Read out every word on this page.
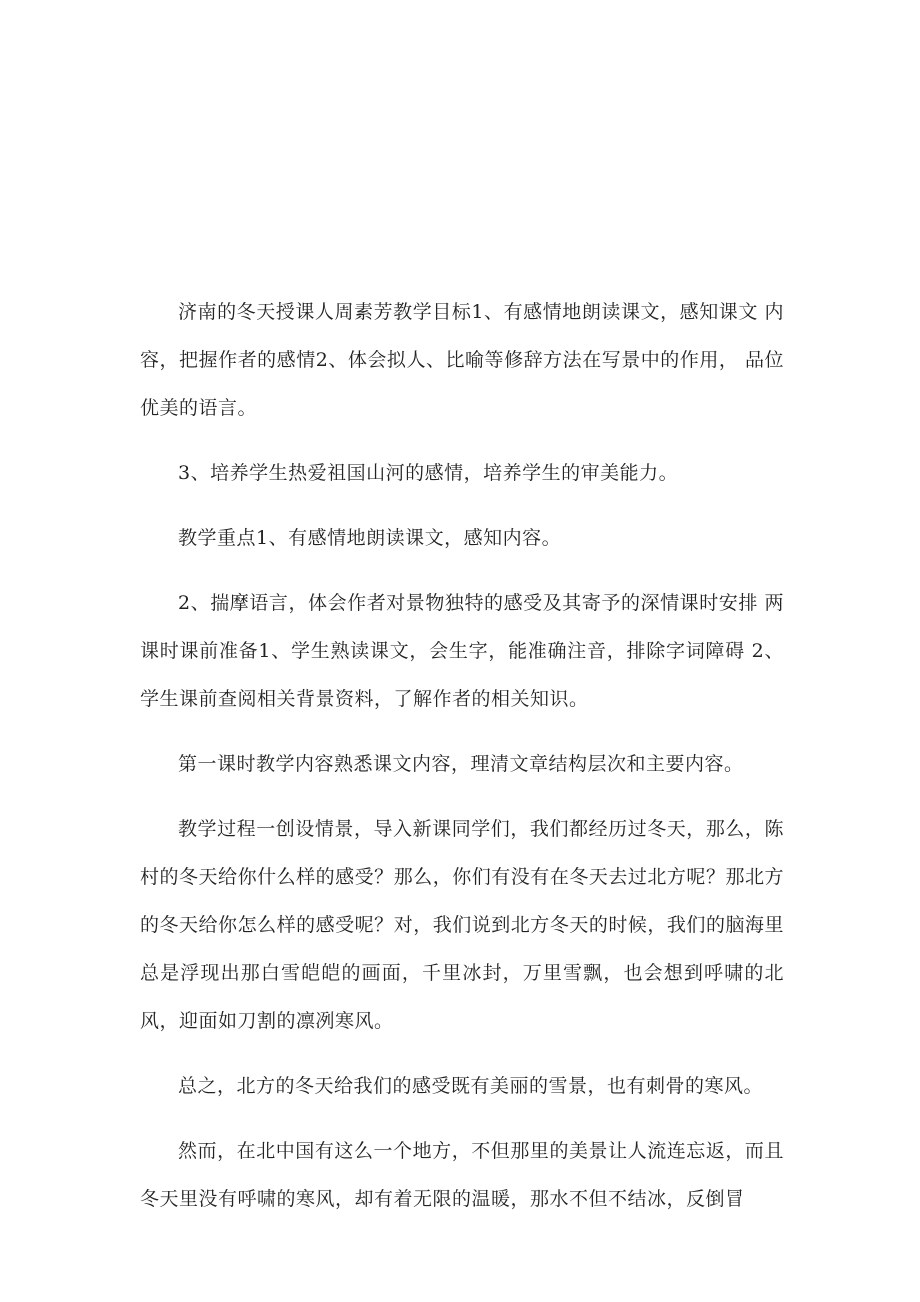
济南的冬天授课人周素芳教学目标1、有感情地朗读课文，感知课文 内容，把握作者的感情2、体会拟人、比喻等修辞方法在写景中的作用， 品位优美的语言。

3、培养学生热爱祖国山河的感情，培养学生的审美能力。

教学重点1、有感情地朗读课文，感知内容。

2、揣摩语言，体会作者对景物独特的感受及其寄予的深情课时安排 两课时课前准备1、学生熟读课文，会生字，能准确注音，排除字词障碍 2、学生课前查阅相关背景资料，了解作者的相关知识。

第一课时教学内容熟悉课文内容，理清文章结构层次和主要内容。

教学过程一创设情景，导入新课同学们，我们都经历过冬天，那么，陈村的冬天给你什么样的感受？那么，你们有没有在冬天去过北方呢？那北方的冬天给你怎么样的感受呢？对，我们说到北方冬天的时候，我们的脑海里总是浮现出那白雪皑皑的画面，千里冰封，万里雪飘，也会想到呼啸的北风，迎面如刀割的凛冽寒风。

总之，北方的冬天给我们的感受既有美丽的雪景，也有刺骨的寒风。

然而，在北中国有这么一个地方，不但那里的美景让人流连忘返，而且冬天里没有呼啸的寒风，却有着无限的温暖，那水不但不结冰，反倒冒
